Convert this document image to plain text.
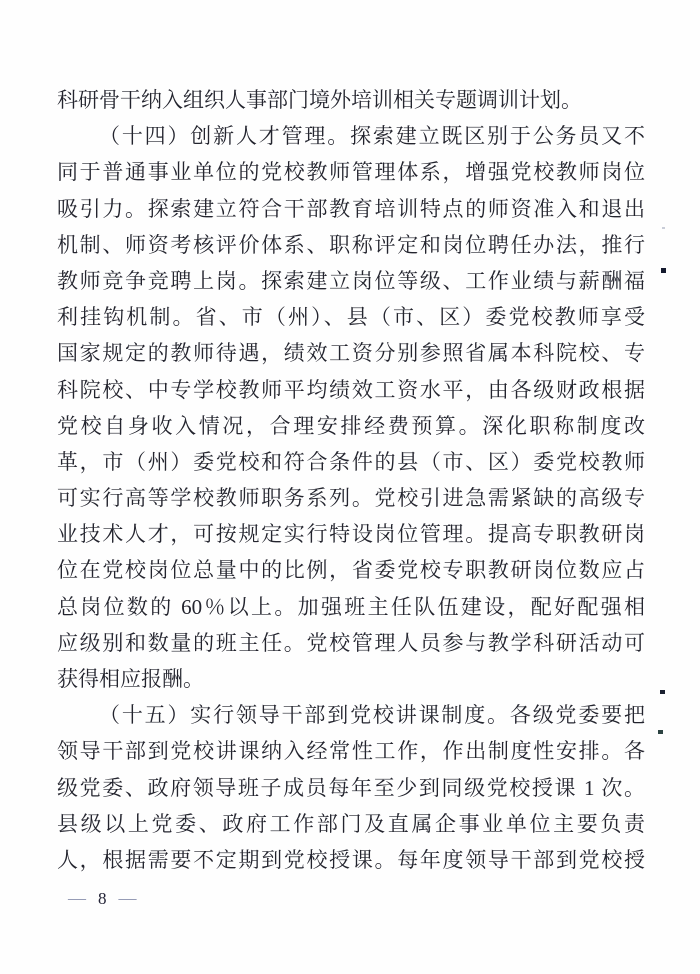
科研骨干纳入组织人事部门境外培训相关专题调训计划。
（十四）创新人才管理。探索建立既区别于公务员又不
同于普通事业单位的党校教师管理体系，增强党校教师岗位
吸引力。探索建立符合干部教育培训特点的师资准入和退出
机制、师资考核评价体系、职称评定和岗位聘任办法，推行
教师竞争竞聘上岗。探索建立岗位等级、工作业绩与薪酬福
利挂钩机制。省、市（州）、县（市、区）委党校教师享受
国家规定的教师待遇，绩效工资分别参照省属本科院校、专
科院校、中专学校教师平均绩效工资水平，由各级财政根据
党校自身收入情况，合理安排经费预算。深化职称制度改
革，市（州）委党校和符合条件的县（市、区）委党校教师
可实行高等学校教师职务系列。党校引进急需紧缺的高级专
业技术人才，可按规定实行特设岗位管理。提高专职教研岗
位在党校岗位总量中的比例，省委党校专职教研岗位数应占
总岗位数的 60％以上。加强班主任队伍建设，配好配强相
应级别和数量的班主任。党校管理人员参与教学科研活动可
获得相应报酬。
（十五）实行领导干部到党校讲课制度。各级党委要把
领导干部到党校讲课纳入经常性工作，作出制度性安排。各
级党委、政府领导班子成员每年至少到同级党校授课 1 次。
县级以上党委、政府工作部门及直属企事业单位主要负责
人，根据需要不定期到党校授课。每年度领导干部到党校授
— 8 —
